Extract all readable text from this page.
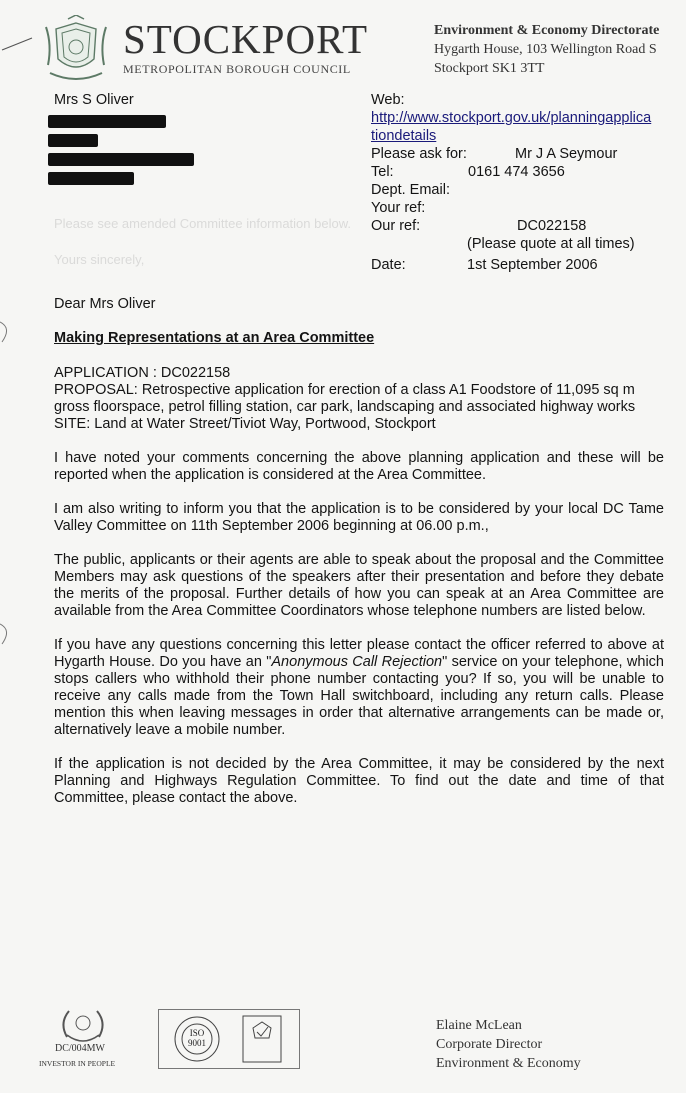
Please see amended Committee information below.
Yours sincerely,
STOCKPORT
METROPOLITAN BOROUGH COUNCIL
Environment & Economy Directorate
Hygarth House, 103 Wellington Road S
Stockport SK1 3TT
Mrs S Oliver	Web:
http://www.stockport.gov.uk/planningapplica
tiondetails
Please ask for:	Mr J A Seymour
Tel:	0161 474 3656
Dept. Email:
Your ref:
Our ref:	DC022158
(Please quote at all times)
Date:	1st September 2006

Dear Mrs Oliver

Making Representations at an Area Committee

APPLICATION : DC022158
PROPOSAL: Retrospective application for erection of a class A1 Foodstore of 11,095 sq m gross floorspace, petrol filling station, car park, landscaping and associated highway works

SITE: Land at Water Street/Tiviot Way, Portwood, Stockport

I have noted your comments concerning the above planning application and these will be reported when the application is considered at the Area Committee.

I am also writing to inform you that the application is to be considered by your local DC Tame Valley Committee on 11th September 2006 beginning at 06.00 p.m.,

The public, applicants or their agents are able to speak about the proposal and the Committee Members may ask questions of the speakers after their presentation and before they debate the merits of the proposal. Further details of how you can speak at an Area Committee are available from the Area Committee Coordinators whose telephone numbers are listed below.

If you have any questions concerning this letter please contact the officer referred to above at Hygarth House. Do you have an "Anonymous Call Rejection" service on your telephone, which stops callers who withhold their phone number contacting you? If so, you will be unable to receive any calls made from the Town Hall switchboard, including any return calls. Please mention this when leaving messages in order that alternative arrangements can be made or, alternatively leave a mobile number.

If the application is not decided by the Area Committee, it may be considered by the next Planning and Highways Regulation Committee. To find out the date and time of that Committee, please contact the above.

DC/004MW
INVESTOR IN PEOPLE
ISO 9001
Elaine McLean
Corporate Director
Environment & Economy
